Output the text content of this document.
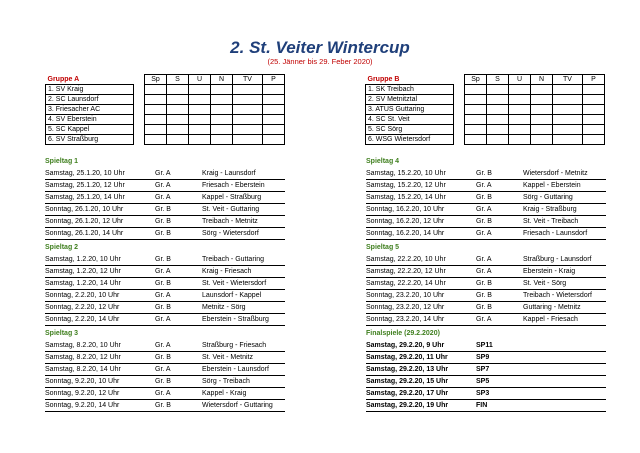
2. St. Veiter Wintercup
(25. Jänner bis 29. Feber 2020)
Gruppe A		Sp	S	U	N	TV	P
1. SV Kraig							
2. SC Launsdorf							
3. Friesacher AC							
4. SV Eberstein							
5. SC Kappel							
6. SV Straßburg							
Gruppe B		Sp	S	U	N	TV	P
1. SK Treibach							
2. SV Metnitztal							
3. ATUS Guttaring							
4. SC St. Veit							
5. SC Sörg							
6. WSG Wietersdorf							
Spieltag 1
Samstag, 25.1.20, 10 Uhr	Gr. A	Kraig - Launsdorf
Samstag, 25.1.20, 12 Uhr	Gr. A	Friesach - Eberstein
Samstag, 25.1.20, 14 Uhr	Gr. A	Kappel - Straßburg
Sonntag, 26.1.20, 10 Uhr	Gr. B	St. Veit - Guttaring
Sonntag, 26.1.20, 12 Uhr	Gr. B	Treibach - Metnitz
Sonntag, 26.1.20, 14 Uhr	Gr. B	Sörg - Wietersdorf
Spieltag 2
Samstag, 1.2.20, 10 Uhr	Gr. B	Treibach - Guttaring
Samstag, 1.2.20, 12 Uhr	Gr. A	Kraig - Friesach
Samstag, 1.2.20, 14 Uhr	Gr. B	St. Veit - Wietersdorf
Sonntag, 2.2.20, 10 Uhr	Gr. A	Launsdorf - Kappel
Sonntag, 2.2.20, 12 Uhr	Gr. B	Metnitz - Sörg
Sonntag, 2.2.20, 14 Uhr	Gr. A	Eberstein - Straßburg
Spieltag 3
Samstag, 8.2.20, 10 Uhr	Gr. A	Straßburg - Friesach
Samstag, 8.2.20, 12 Uhr	Gr. B	St. Veit - Metnitz
Samstag, 8.2.20, 14 Uhr	Gr. A	Eberstein - Launsdorf
Sonntag, 9.2.20, 10 Uhr	Gr. B	Sörg - Treibach
Sonntag, 9.2.20, 12 Uhr	Gr. A	Kappel - Kraig
Sonntag, 9.2.20, 14 Uhr	Gr. B	Wietersdorf - Guttaring
Spieltag 4
Samstag, 15.2.20, 10 Uhr	Gr. B	Wietersdorf - Metnitz
Samstag, 15.2.20, 12 Uhr	Gr. A	Kappel - Eberstein
Samstag, 15.2.20, 14 Uhr	Gr. B	Sörg - Guttaring
Sonntag, 16.2.20, 10 Uhr	Gr. A	Kraig - Straßburg
Sonntag, 16.2.20, 12 Uhr	Gr. B	St. Veit - Treibach
Sonntag, 16.2.20, 14 Uhr	Gr. A	Friesach - Launsdorf
Spieltag 5
Samstag, 22.2.20, 10 Uhr	Gr. A	Straßburg - Launsdorf
Samstag, 22.2.20, 12 Uhr	Gr. A	Eberstein - Kraig
Samstag, 22.2.20, 14 Uhr	Gr. B	St. Veit - Sörg
Sonntag, 23.2.20, 10 Uhr	Gr. B	Treibach - Wietersdorf
Sonntag, 23.2.20, 12 Uhr	Gr. B	Guttaring - Metnitz
Sonntag, 23.2.20, 14 Uhr	Gr. A	Kappel - Friesach
Finalspiele (29.2.2020)
Samstag, 29.2.20, 9 Uhr	SP11
Samstag, 29.2.20, 11 Uhr	SP9
Samstag, 29.2.20, 13 Uhr	SP7
Samstag, 29.2.20, 15 Uhr	SP5
Samstag, 29.2.20, 17 Uhr	SP3
Samstag, 29.2.20, 19 Uhr	FIN
